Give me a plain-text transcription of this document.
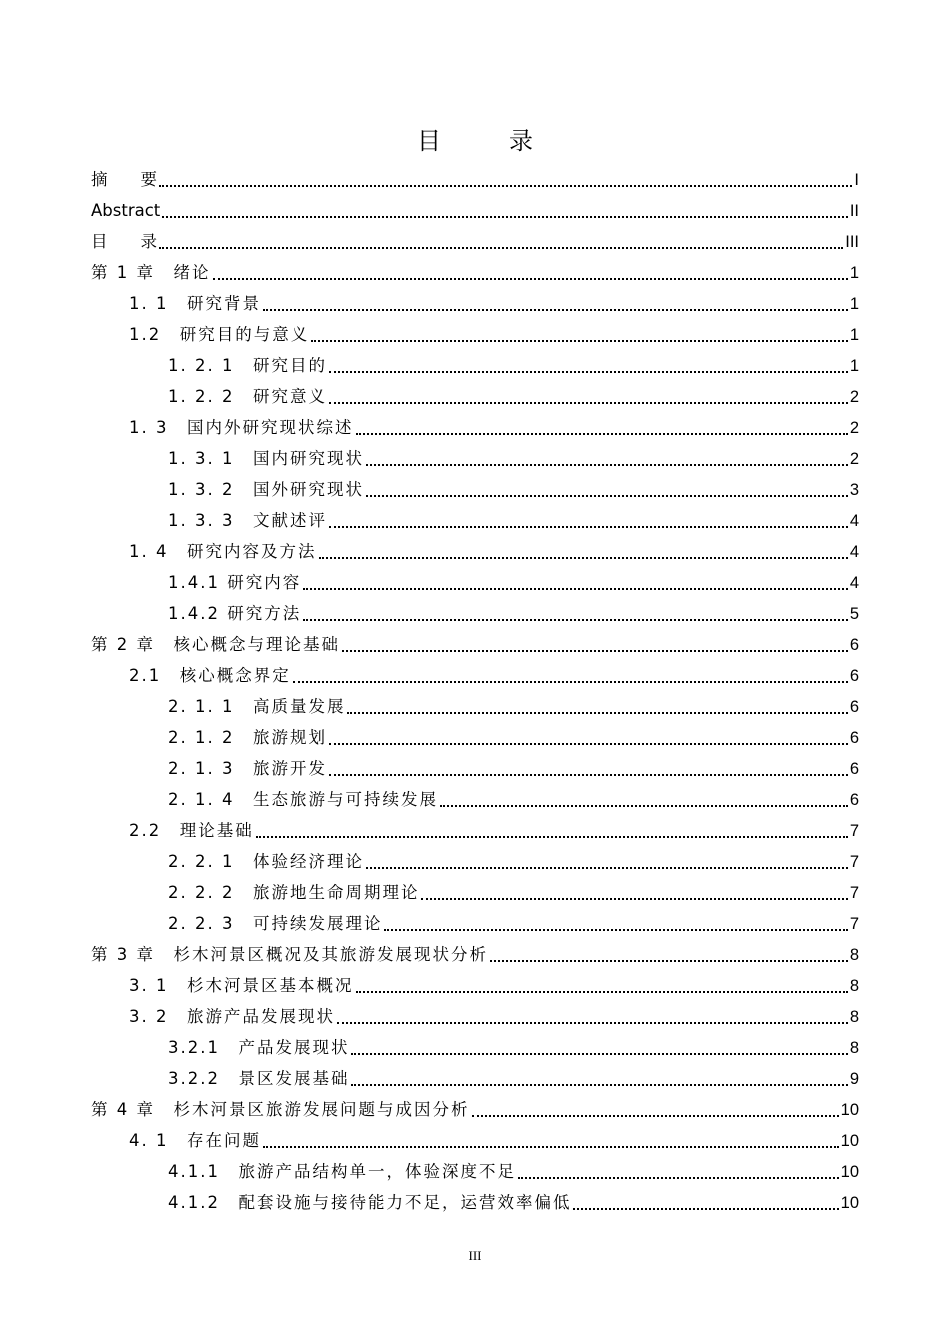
目　录
摘　　要	I
Abstract	II
目　　录	III
第 1 章　绪论	1
1. 1　研究背景	1
1.2　研究目的与意义	1
1. 2. 1　研究目的	1
1. 2. 2　研究意义	2
1. 3　国内外研究现状综述	2
1. 3. 1　国内研究现状	2
1. 3. 2　国外研究现状	3
1. 3. 3　文献述评	4
1. 4　研究内容及方法	4
1.4.1 研究内容	4
1.4.2 研究方法	5
第 2 章　核心概念与理论基础	6
2.1　核心概念界定	6
2. 1. 1　高质量发展	6
2. 1. 2　旅游规划	6
2. 1. 3　旅游开发	6
2. 1. 4　生态旅游与可持续发展	6
2.2　理论基础	7
2. 2. 1　体验经济理论	7
2. 2. 2　旅游地生命周期理论	7
2. 2. 3　可持续发展理论	7
第 3 章　杉木河景区概况及其旅游发展现状分析	8
3. 1　杉木河景区基本概况	8
3. 2　旅游产品发展现状	8
3.2.1　产品发展现状	8
3.2.2　景区发展基础	9
第 4 章　杉木河景区旅游发展问题与成因分析	10
4. 1　存在问题	10
4.1.1　旅游产品结构单一，体验深度不足	10
4.1.2　配套设施与接待能力不足，运营效率偏低	10
III
